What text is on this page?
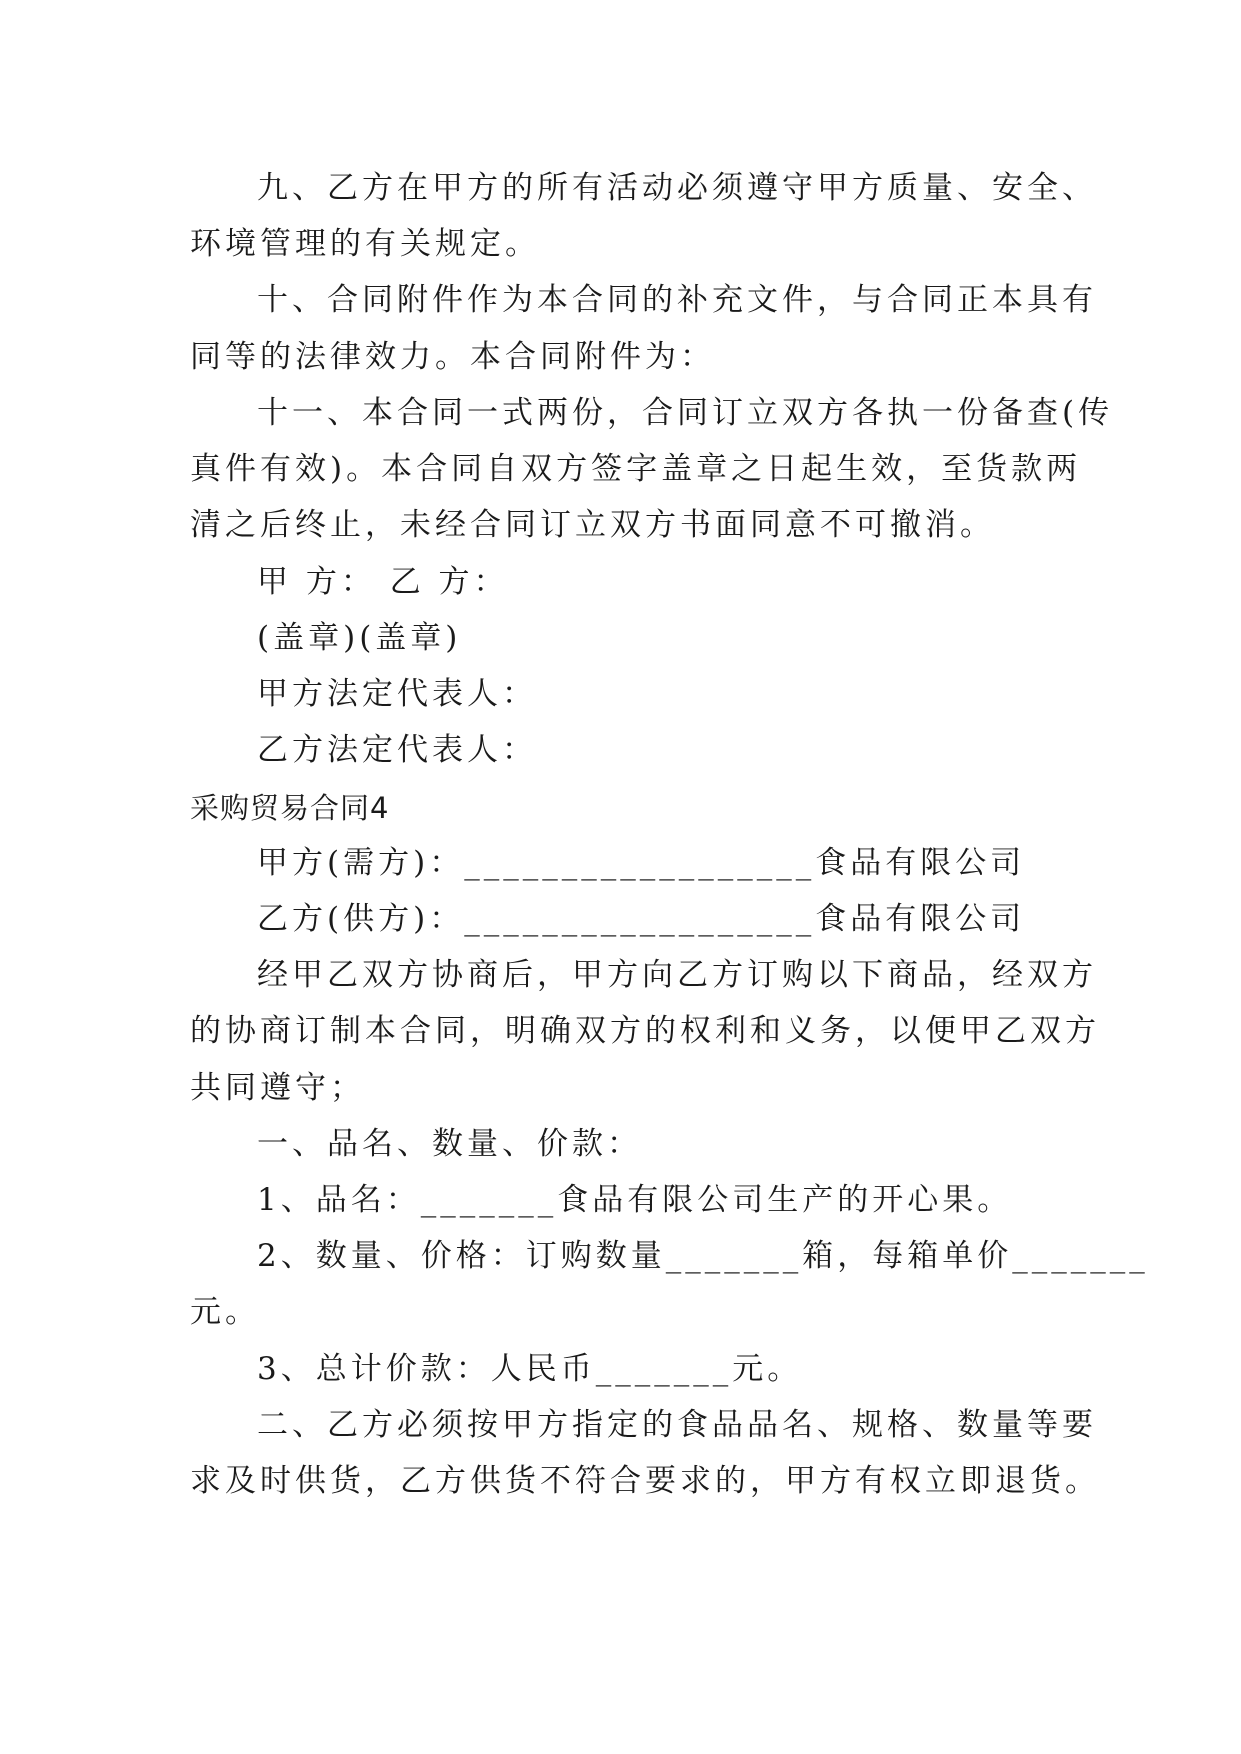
九、乙方在甲方的所有活动必须遵守甲方质量、安全、
环境管理的有关规定。
十、合同附件作为本合同的补充文件，与合同正本具有
同等的法律效力。本合同附件为：
十一、本合同一式两份，合同订立双方各执一份备查(传
真件有效)。本合同自双方签字盖章之日起生效，至货款两
清之后终止，未经合同订立双方书面同意不可撤消。
甲 方： 乙 方：
(盖章)(盖章)
甲方法定代表人：
乙方法定代表人：
采购贸易合同4
甲方(需方)：__________________食品有限公司
乙方(供方)：__________________食品有限公司
经甲乙双方协商后，甲方向乙方订购以下商品，经双方
的协商订制本合同，明确双方的权利和义务，以便甲乙双方
共同遵守；
一、品名、数量、价款：
1、品名：_______食品有限公司生产的开心果。
2、数量、价格：订购数量_______箱，每箱单价_______
元。
3、总计价款：人民币_______元。
二、乙方必须按甲方指定的食品品名、规格、数量等要
求及时供货，乙方供货不符合要求的，甲方有权立即退货。
